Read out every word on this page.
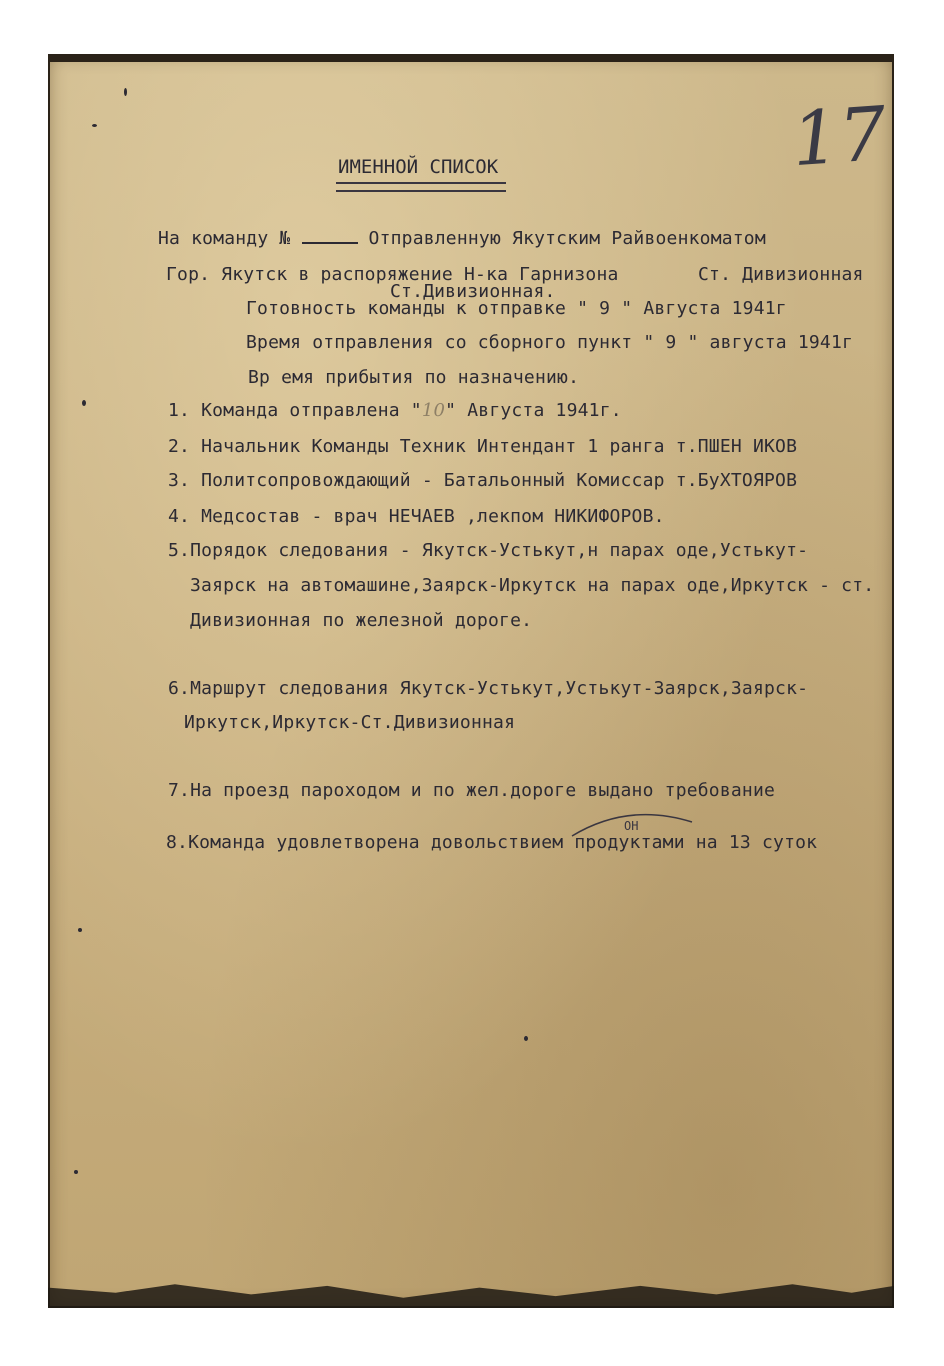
17

ИМЕННОЙ СПИСОК

На команду №	Отправленную Якутским Райвоенкоматом

Гор. Якутск в распоряжение Н-ка Гарнизона	Ст. Дивизионная

Ст.Дивизионная.

Готовность команды к отправке " 9 " Августа 1941г

Время отправления со сборного пункт " 9 " августа 1941г

Вр емя прибытия по назначению.

1. Команда отправлена "10" Августа 1941г.

2. Начальник Команды Техник Интендант 1 ранга т.ПШЕН ИКОВ

3. Политсопровождающий - Батальонный Комиссар т.БуХТОЯРОВ

4. Медсостав - врач НЕЧАЕВ ,лекпом НИКИФОРОВ.

5.Порядок следования - Якутск-Устькут,н парах оде,Устькут-

Заярск на автомашине,Заярск-Иркутск на парах оде,Иркутск - ст.

Дивизионная по железной дороге.

6.Маршрут следования Якутск-Устькут,Устькут-Заярск,Заярск-

Иркутск,Иркутск-Ст.Дивизионная

7.На проезд пароходом и по жел.дороге выдано требование

ОН

8.Команда удовлетворена довольствием продуктами на 13 суток
